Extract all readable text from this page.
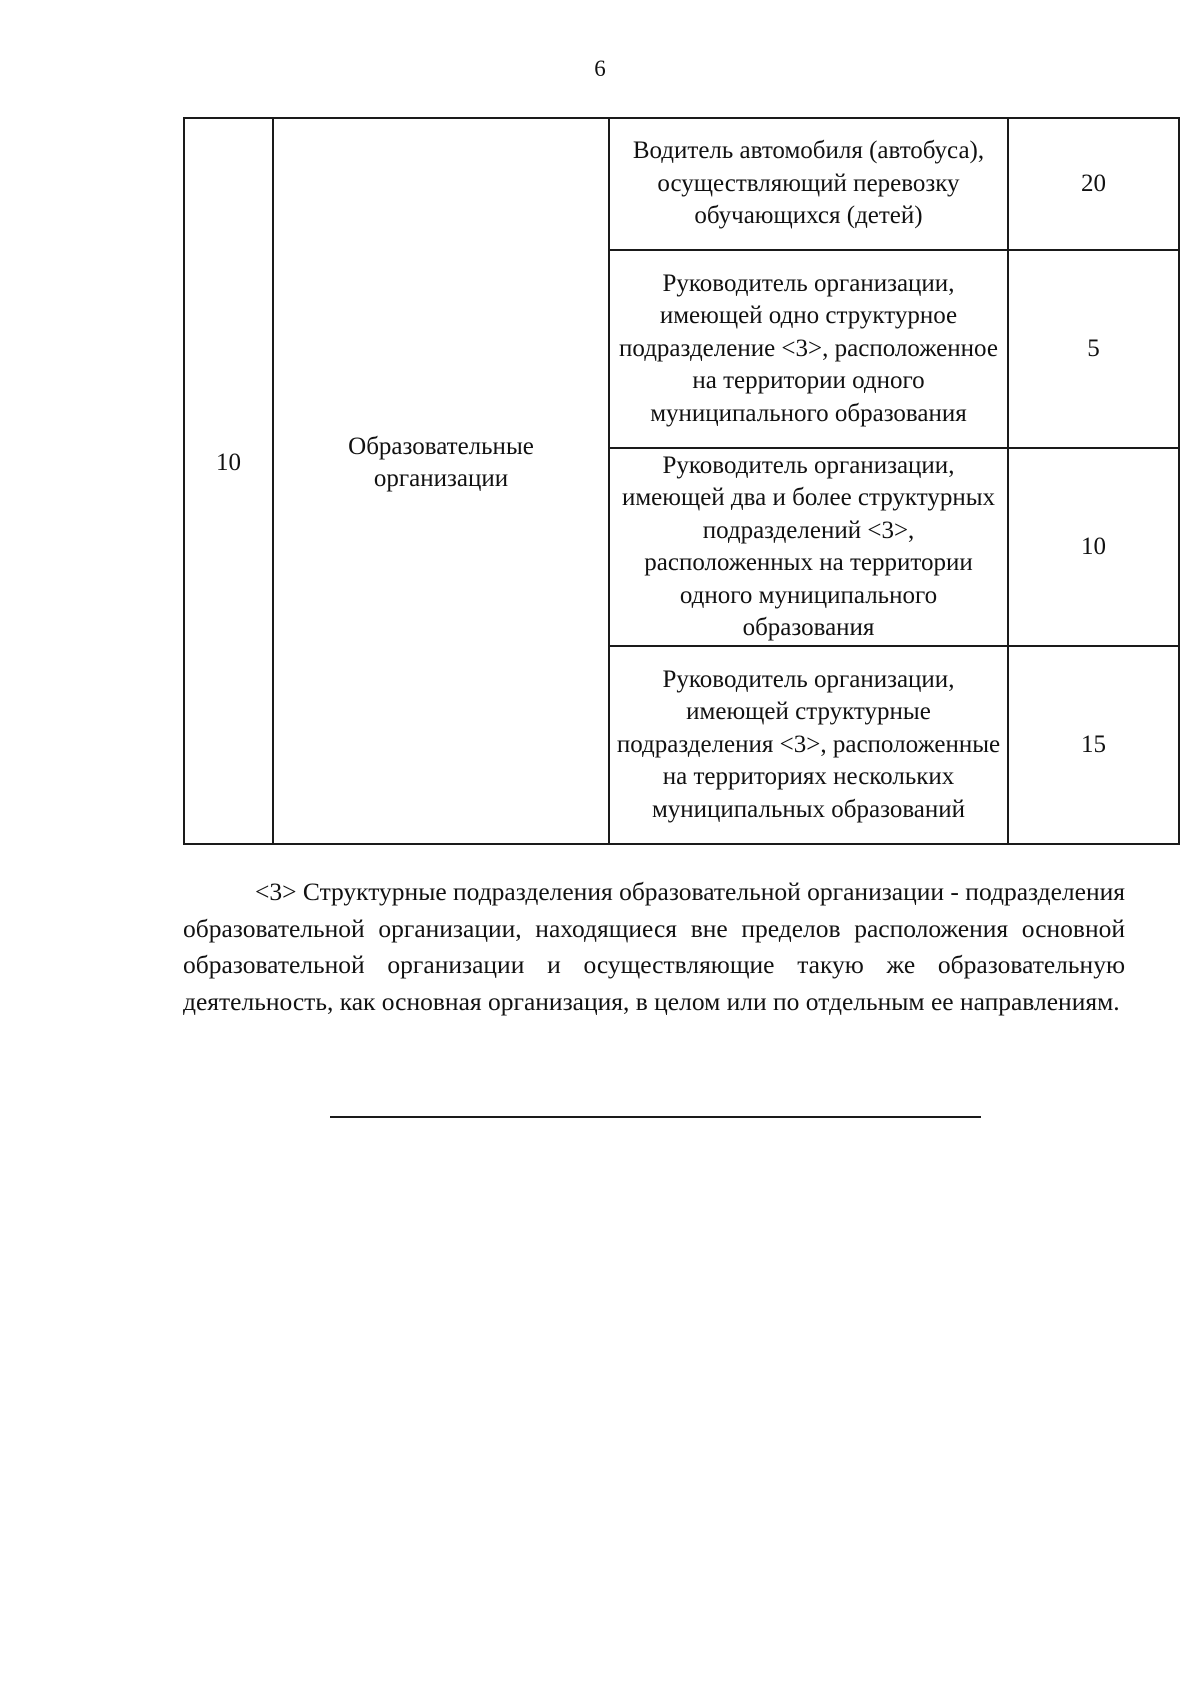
6
10	Образовательные организации	Водитель автомобиля (автобуса), осуществляющий перевозку обучающихся (детей)	20
		Руководитель организации, имеющей одно структурное подразделение <3>, расположенное на территории одного муниципального образования	5
		Руководитель организации, имеющей два и более структурных подразделений <3>, расположенных на территории одного муниципального образования	10
		Руководитель организации, имеющей структурные подразделения <3>, расположенные на территориях нескольких муниципальных образований	15

<3> Структурные подразделения образовательной организации - подразделения образовательной организации, находящиеся вне пределов расположения основной образовательной организации и осуществляющие такую же образовательную деятельность, как основная организация, в целом или по отдельным ее направлениям.
